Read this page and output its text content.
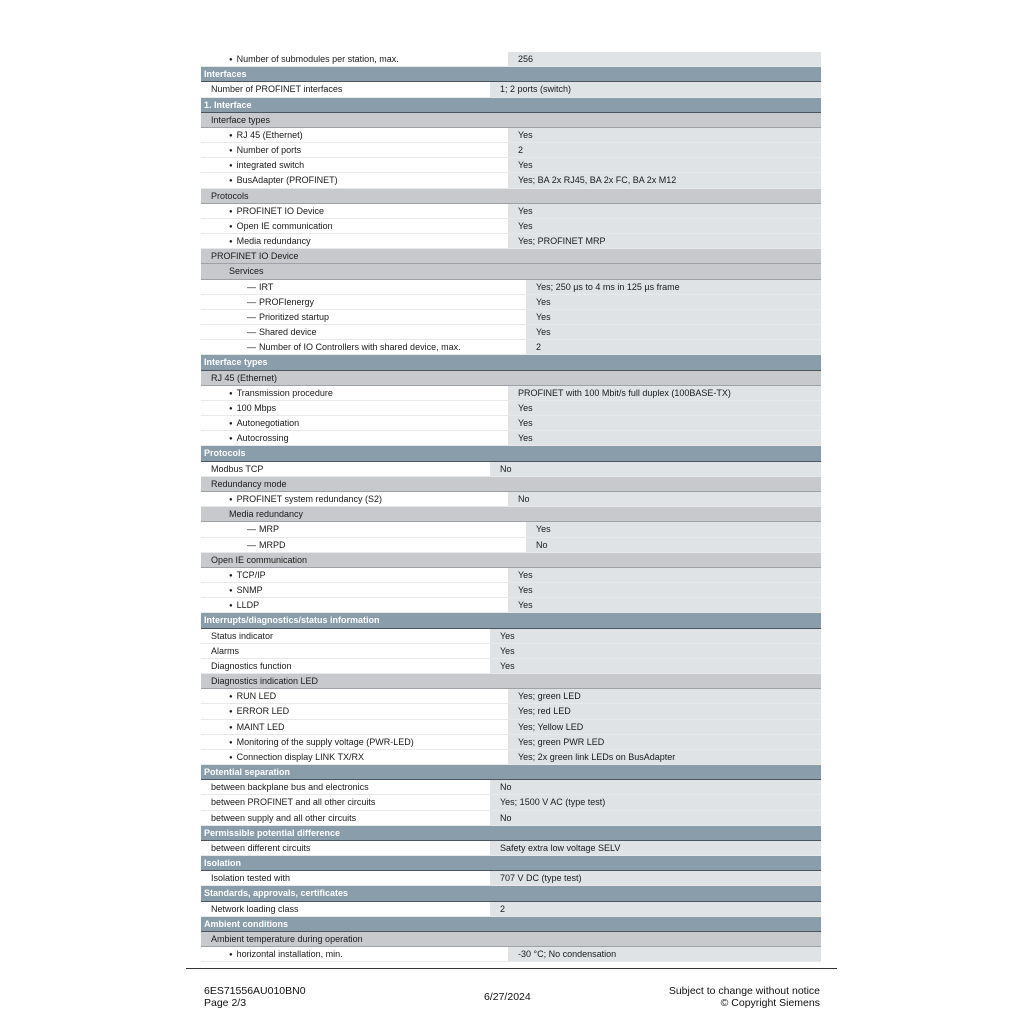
● Number of submodules per station, max.	256
Interfaces
Number of PROFINET interfaces	1; 2 ports (switch)
1. Interface
Interface types
● RJ 45 (Ethernet)	Yes
● Number of ports	2
● integrated switch	Yes
● BusAdapter (PROFINET)	Yes; BA 2x RJ45, BA 2x FC, BA 2x M12
Protocols
● PROFINET IO Device	Yes
● Open IE communication	Yes
● Media redundancy	Yes; PROFINET MRP
PROFINET IO Device
Services
— IRT	Yes; 250 µs to 4 ms in 125 µs frame
— PROFIenergy	Yes
— Prioritized startup	Yes
— Shared device	Yes
— Number of IO Controllers with shared device, max.	2
Interface types
RJ 45 (Ethernet)
● Transmission procedure	PROFINET with 100 Mbit/s full duplex (100BASE-TX)
● 100 Mbps	Yes
● Autonegotiation	Yes
● Autocrossing	Yes
Protocols
Modbus TCP	No
Redundancy mode
● PROFINET system redundancy (S2)	No
Media redundancy
— MRP	Yes
— MRPD	No
Open IE communication
● TCP/IP	Yes
● SNMP	Yes
● LLDP	Yes
Interrupts/diagnostics/status information
Status indicator	Yes
Alarms	Yes
Diagnostics function	Yes
Diagnostics indication LED
● RUN LED	Yes; green LED
● ERROR LED	Yes; red LED
● MAINT LED	Yes; Yellow LED
● Monitoring of the supply voltage (PWR-LED)	Yes; green PWR LED
● Connection display LINK TX/RX	Yes; 2x green link LEDs on BusAdapter
Potential separation
between backplane bus and electronics	No
between PROFINET and all other circuits	Yes; 1500 V AC (type test)
between supply and all other circuits	No
Permissible potential difference
between different circuits	Safety extra low voltage SELV
Isolation
Isolation tested with	707 V DC (type test)
Standards, approvals, certificates
Network loading class	2
Ambient conditions
Ambient temperature during operation
● horizontal installation, min.	-30 °C; No condensation
6ES71556AU010BN0
Page 2/3	6/27/2024	Subject to change without notice
© Copyright Siemens
